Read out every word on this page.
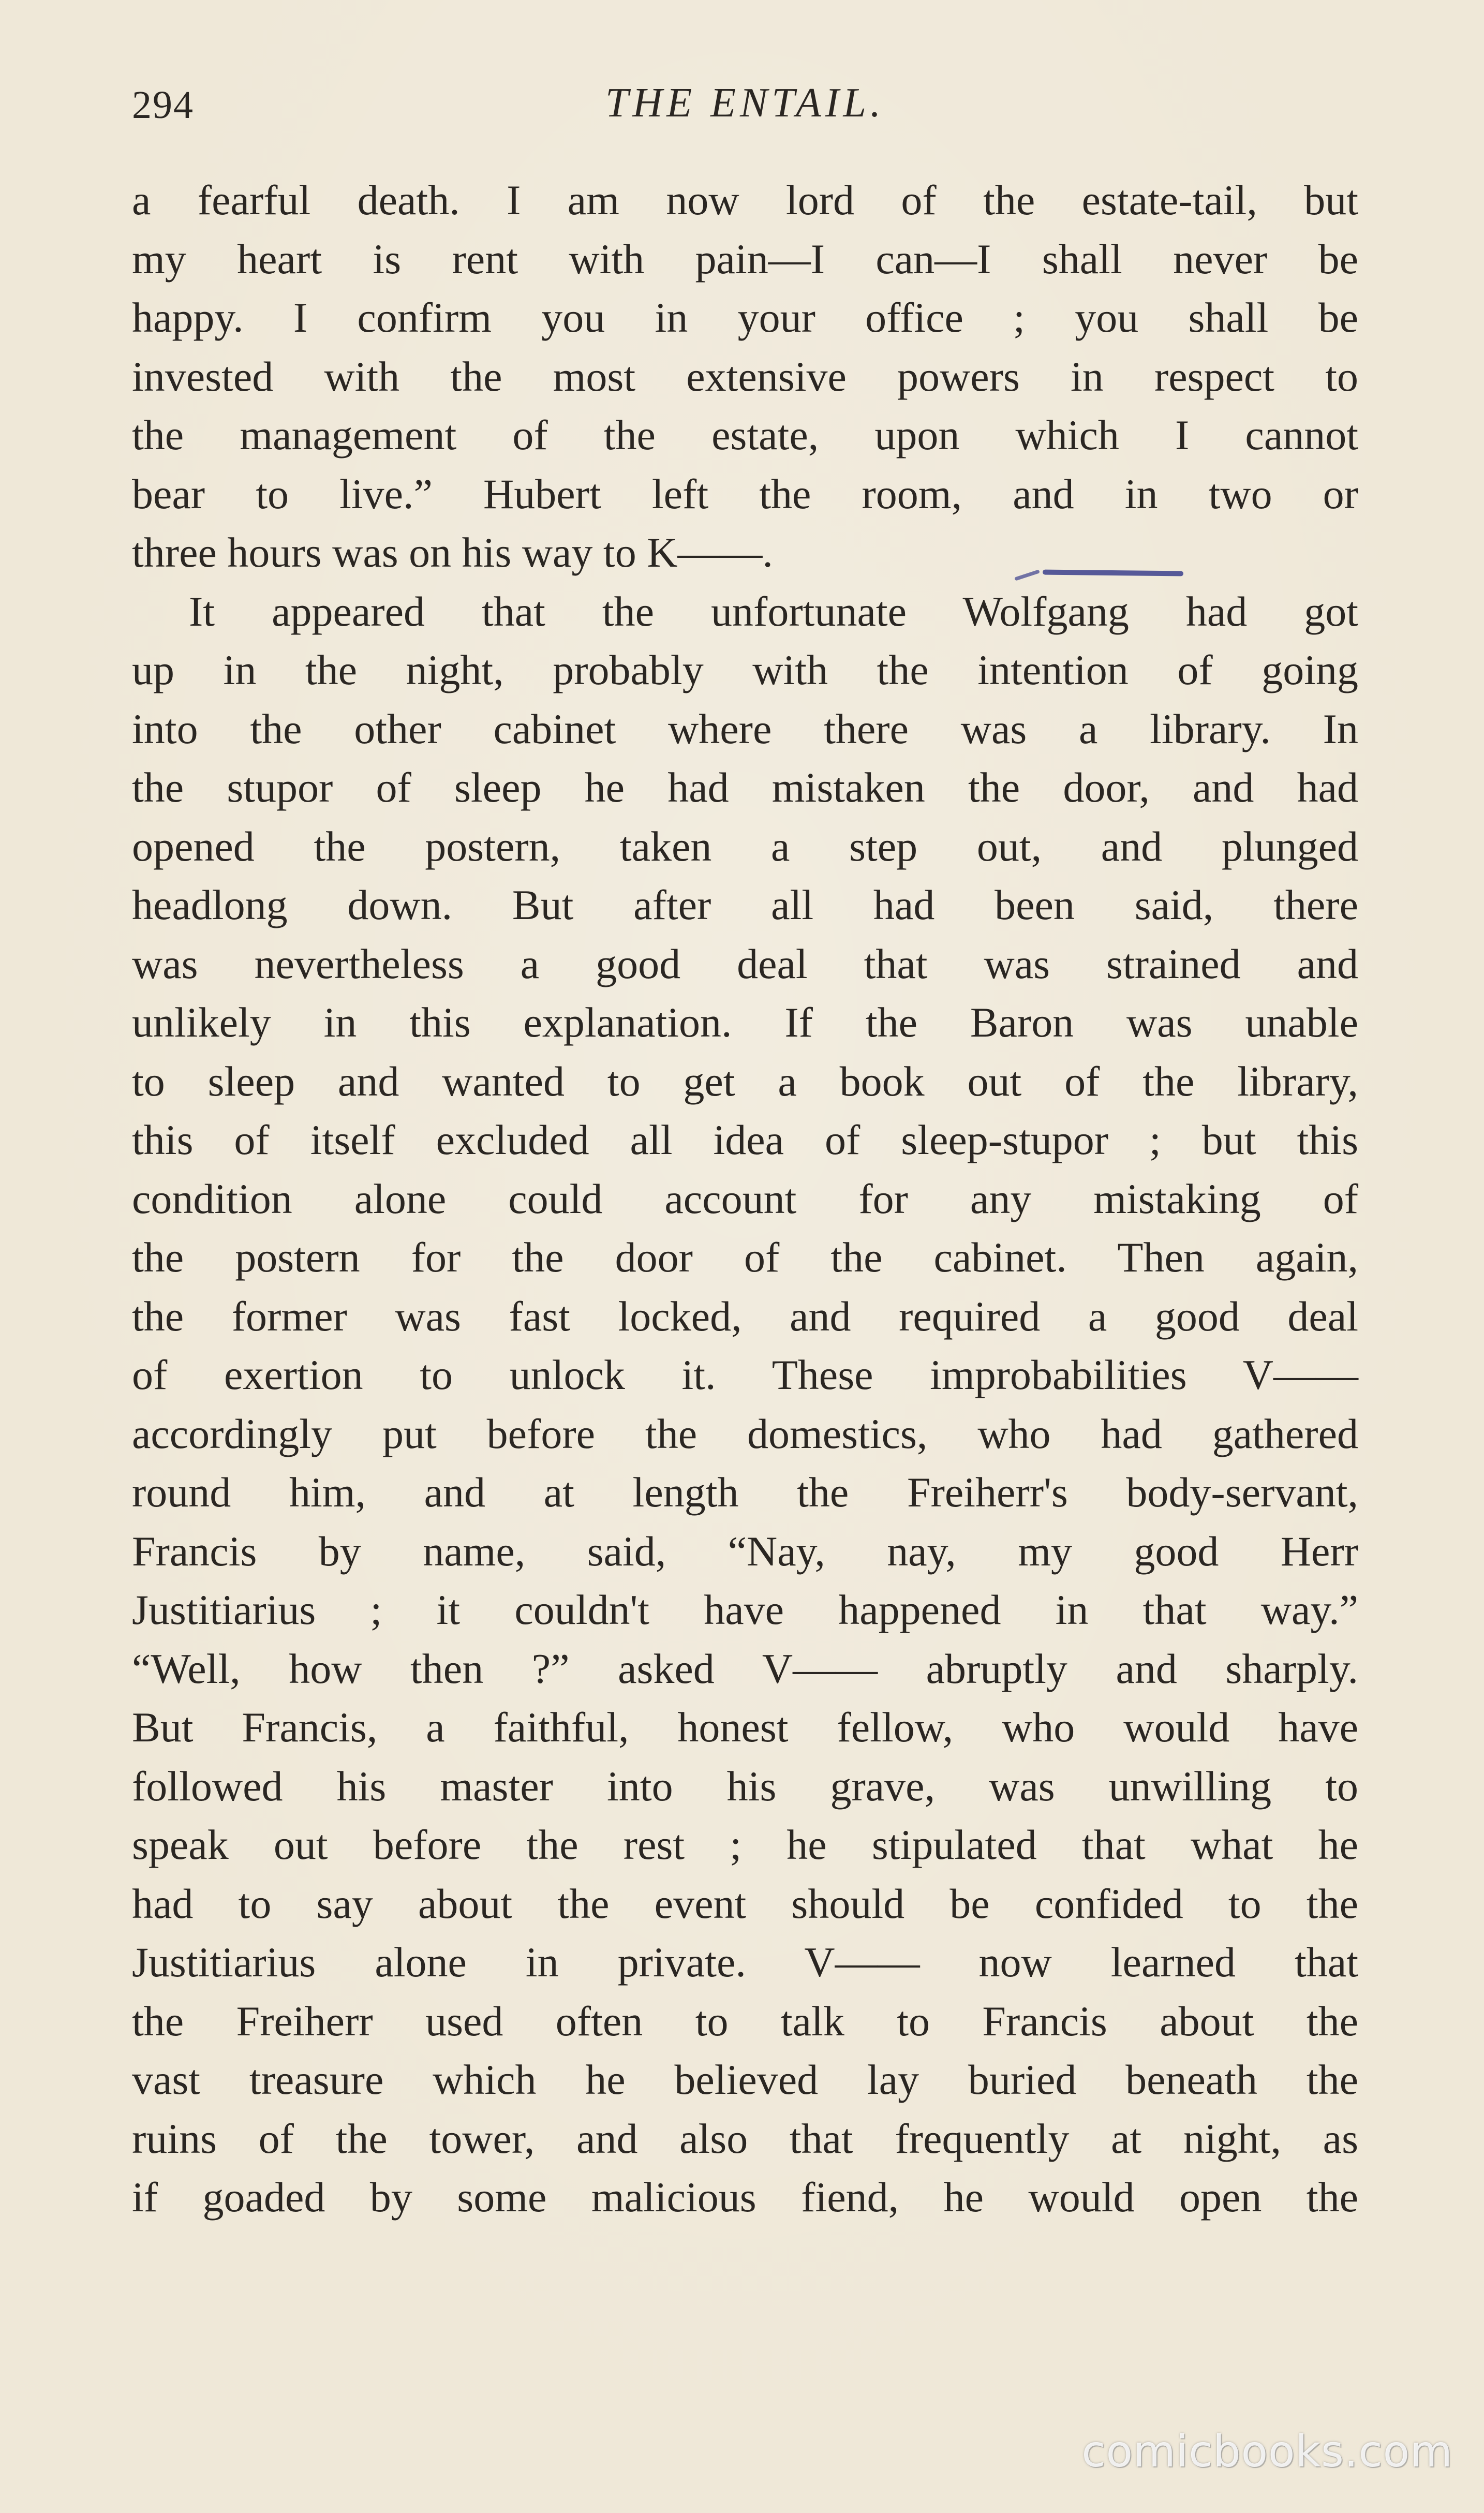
294	THE ENTAIL.
a fearful death. I am now lord of the estate-tail, but
my heart is rent with pain—I can—I shall never be
happy. I confirm you in your office ; you shall be
invested with the most extensive powers in respect to
the management of the estate, upon which I cannot
bear to live.” Hubert left the room, and in two or
three hours was on his way to K——.
It appeared that the unfortunate Wolfgang had got
up in the night, probably with the intention of going
into the other cabinet where there was a library. In
the stupor of sleep he had mistaken the door, and had
opened the postern, taken a step out, and plunged
headlong down. But after all had been said, there
was nevertheless a good deal that was strained and
unlikely in this explanation. If the Baron was unable
to sleep and wanted to get a book out of the library,
this of itself excluded all idea of sleep-stupor ; but this
condition alone could account for any mistaking of
the postern for the door of the cabinet. Then again,
the former was fast locked, and required a good deal
of exertion to unlock it. These improbabilities V——
accordingly put before the domestics, who had gathered
round him, and at length the Freiherr's body-servant,
Francis by name, said, “Nay, nay, my good Herr
Justitiarius ; it couldn't have happened in that way.”
“Well, how then ?” asked V—— abruptly and sharply.
But Francis, a faithful, honest fellow, who would have
followed his master into his grave, was unwilling to
speak out before the rest ; he stipulated that what he
had to say about the event should be confided to the
Justitiarius alone in private. V—— now learned that
the Freiherr used often to talk to Francis about the
vast treasure which he believed lay buried beneath the
ruins of the tower, and also that frequently at night, as
if goaded by some malicious fiend, he would open the
comicbooks.com
